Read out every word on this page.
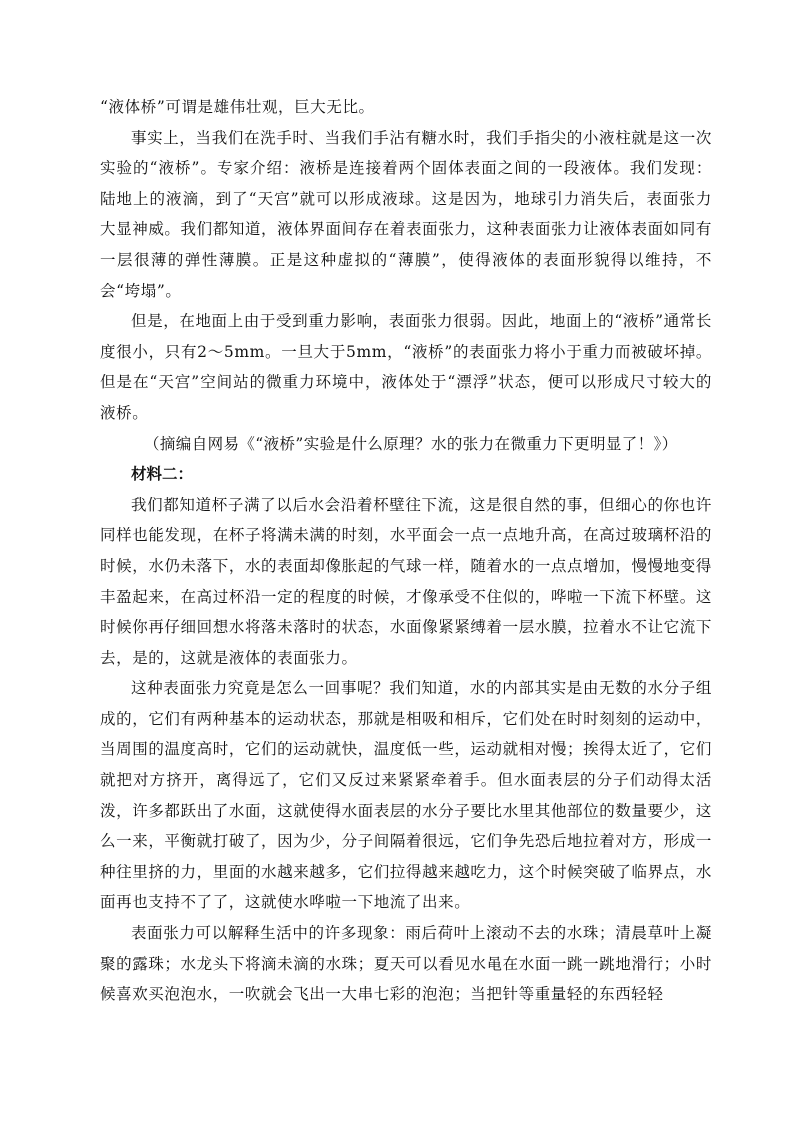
“液体桥”可谓是雄伟壮观，巨大无比。

事实上，当我们在洗手时、当我们手沾有糖水时，我们手指尖的小液柱就是这一次实验的“液桥”。专家介绍：液桥是连接着两个固体表面之间的一段液体。我们发现：陆地上的液滴，到了“天宫”就可以形成液球。这是因为，地球引力消失后，表面张力大显神威。我们都知道，液体界面间存在着表面张力，这种表面张力让液体表面如同有一层很薄的弹性薄膜。正是这种虚拟的“薄膜”，使得液体的表面形貌得以维持，不会“垮塌”。

但是，在地面上由于受到重力影响，表面张力很弱。因此，地面上的“液桥”通常长度很小，只有2～5mm。一旦大于5mm，“液桥”的表面张力将小于重力而被破坏掉。但是在“天宫”空间站的微重力环境中，液体处于“漂浮”状态，便可以形成尺寸较大的液桥。

（摘编自网易《“液桥”实验是什么原理？水的张力在微重力下更明显了！》）

材料二：

我们都知道杯子满了以后水会沿着杯壁往下流，这是很自然的事，但细心的你也许同样也能发现，在杯子将满未满的时刻，水平面会一点一点地升高，在高过玻璃杯沿的时候，水仍未落下，水的表面却像胀起的气球一样，随着水的一点点增加，慢慢地变得丰盈起来，在高过杯沿一定的程度的时候，才像承受不住似的，哗啦一下流下杯壁。这时候你再仔细回想水将落未落时的状态，水面像紧紧缚着一层水膜，拉着水不让它流下去，是的，这就是液体的表面张力。

这种表面张力究竟是怎么一回事呢？我们知道，水的内部其实是由无数的水分子组成的，它们有两种基本的运动状态，那就是相吸和相斥，它们处在时时刻刻的运动中，当周围的温度高时，它们的运动就快，温度低一些，运动就相对慢；挨得太近了，它们就把对方挤开，离得远了，它们又反过来紧紧牵着手。但水面表层的分子们动得太活泼，许多都跃出了水面，这就使得水面表层的水分子要比水里其他部位的数量要少，这么一来，平衡就打破了，因为少，分子间隔着很远，它们争先恐后地拉着对方，形成一种往里挤的力，里面的水越来越多，它们拉得越来越吃力，这个时候突破了临界点，水面再也支持不了了，这就使水哗啦一下地流了出来。

表面张力可以解释生活中的许多现象：雨后荷叶上滚动不去的水珠；清晨草叶上凝聚的露珠；水龙头下将滴未滴的水珠；夏天可以看见水黾在水面一跳一跳地滑行；小时候喜欢买泡泡水，一吹就会飞出一大串七彩的泡泡；当把针等重量轻的东西轻轻
